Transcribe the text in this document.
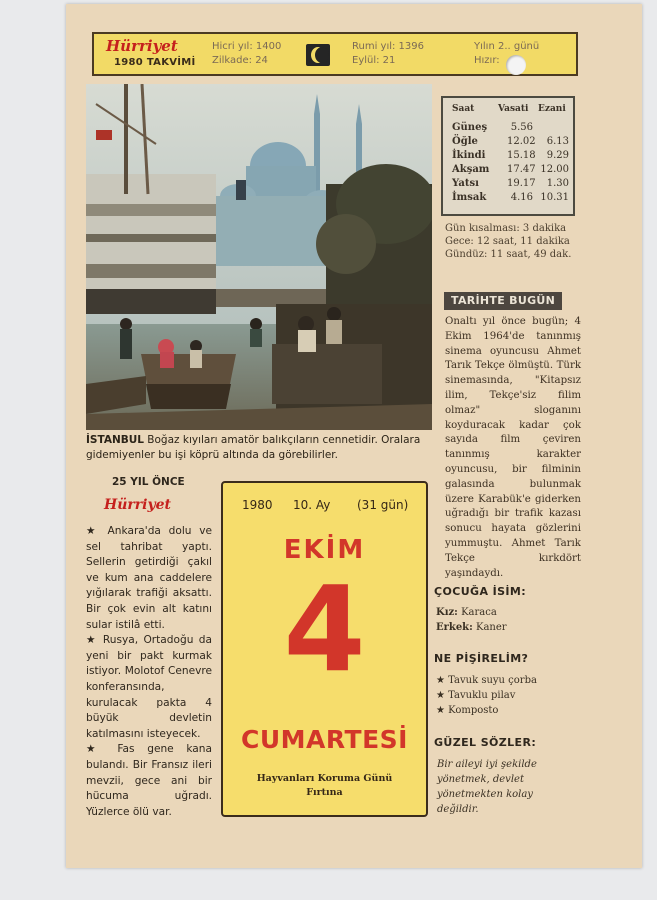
Hürriyet
1980 TAKVİMİ
Hicri yıl: 1400
Zilkade: 24
Rumi yıl: 1396
Eylül: 21
Yılın 2.. günü
Hızır:
İSTANBUL Boğaz kıyıları amatör balıkçıların cennetidir. Oralara gidemiyenler bu işi köprü altında da görebilirler.
Saat	Vasati Ezani
Güneş	5.56
Öğle	12.02	6.13
İkindi 15.18	9.29
Akşam 17.47 12.00
Yatsı	19.17	1.30
İmsak	4.16 10.31
Gün kısalması: 3 dakika
Gece: 12 saat, 11 dakika
Gündüz: 11 saat, 49 dak.
TARİHTE BUGÜN
Onaltı yıl önce bugün; 4 Ekim 1964'de tanınmış sinema oyuncusu Ahmet Tarık Tekçe ölmüştü. Türk sinemasında, "Kitapsız ilim, Tekçe'siz filim olmaz" sloganını koyduracak kadar çok sayıda film çeviren tanınmış karakter oyuncusu, bir filminin galasında bulunmak üzere Karabük'e giderken uğradığı bir trafik kazası sonucu hayata gözlerini yummuştu. Ahmet Tarık Tekçe kırkdört yaşındaydı.
ÇOCUĞA İSİM:
Kız: Karaca
Erkek: Kaner
NE PİŞİRELİM?
★ Tavuk suyu çorba
★ Tavuklu pilav
★ Komposto
GÜZEL SÖZLER:
Bir aileyi iyi şekilde yönetmek, devlet yönetmekten kolay değildir.
25 YIL ÖNCE
Hürriyet

★ Ankara'da dolu ve sel tahribat yaptı. Sellerin getirdiği çakıl ve kum ana caddelere yığılarak trafiği aksattı. Bir çok evin alt katını sular istilâ etti.

★ Rusya, Ortadoğu da yeni bir pakt kurmak istiyor. Molotof Cenevre konferansında, kurulacak pakta 4 büyük devletin katılmasını isteyecek.

★ Fas gene kana bulandı. Bir Fransız ileri mevzii, gece ani bir hücuma uğradı. Yüzlerce ölü var.

1980 10. Ay (31 gün)
EKİM
4
CUMARTESİ
Hayvanları Koruma Günü
Fırtına
